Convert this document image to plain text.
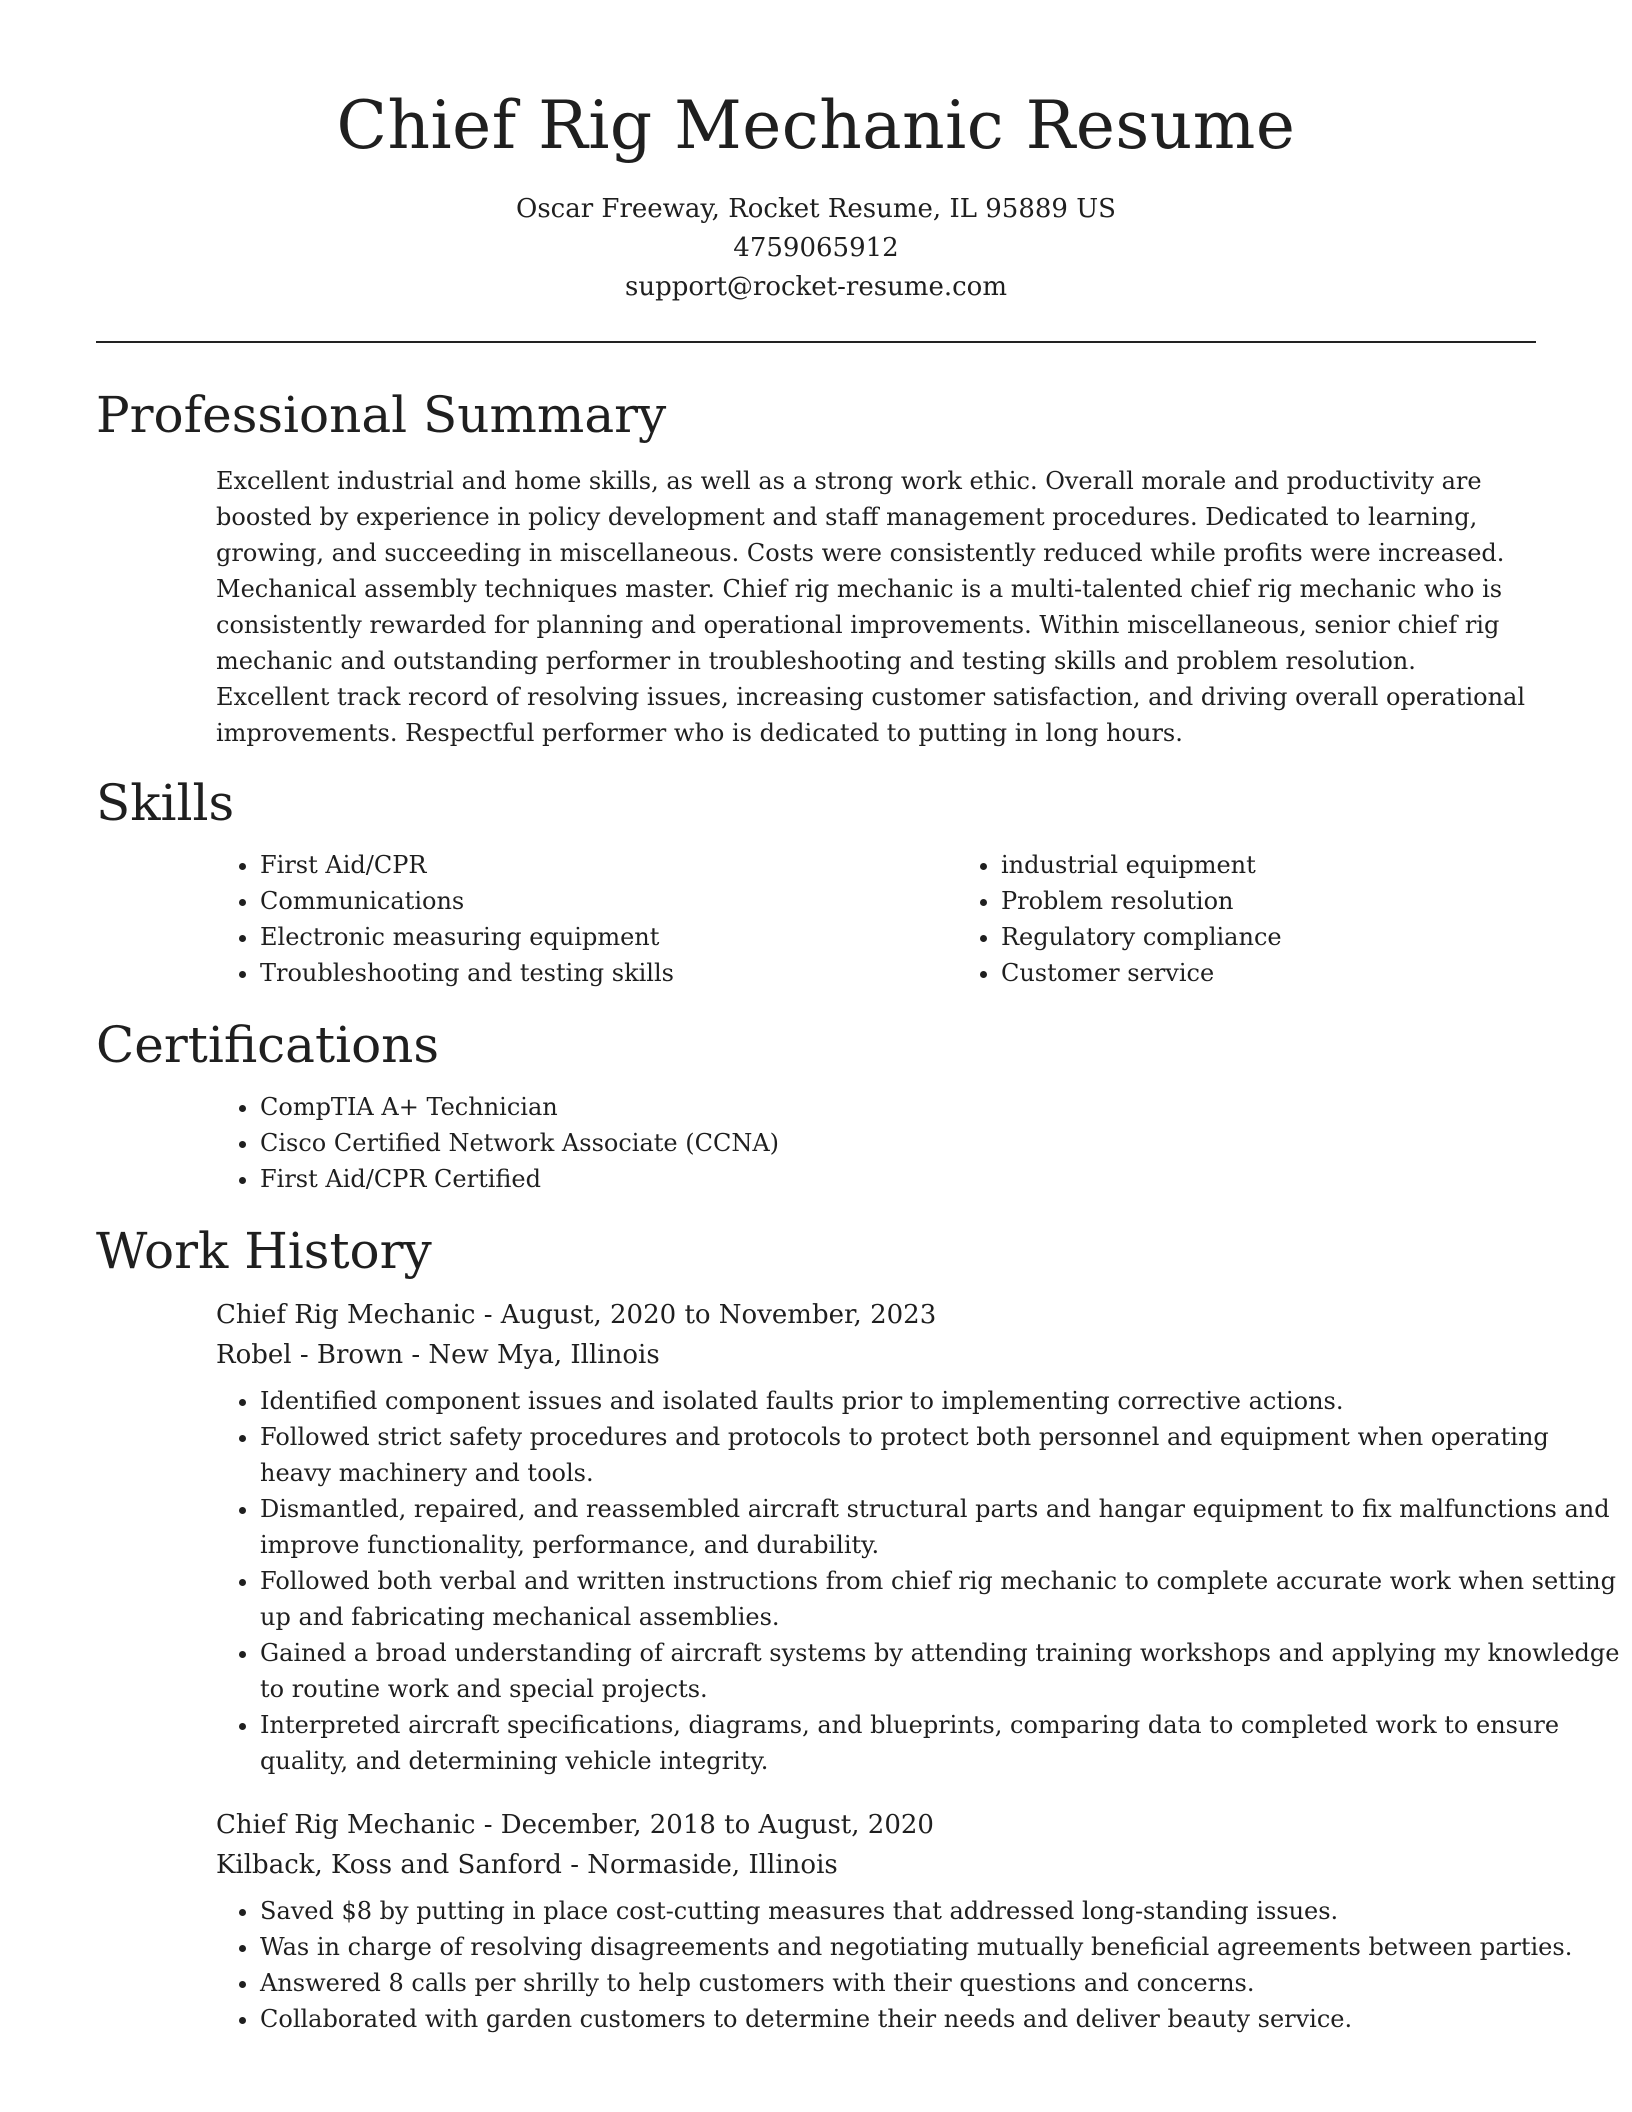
Chief Rig Mechanic Resume
Oscar Freeway, Rocket Resume, IL 95889 US
4759065912
support@rocket-resume.com
Professional Summary
Excellent industrial and home skills, as well as a strong work ethic. Overall morale and productivity are boosted by experience in policy development and staff management procedures. Dedicated to learning, growing, and succeeding in miscellaneous. Costs were consistently reduced while profits were increased. Mechanical assembly techniques master. Chief rig mechanic is a multi-talented chief rig mechanic who is consistently rewarded for planning and operational improvements. Within miscellaneous, senior chief rig mechanic and outstanding performer in troubleshooting and testing skills and problem resolution. Excellent track record of resolving issues, increasing customer satisfaction, and driving overall operational improvements. Respectful performer who is dedicated to putting in long hours.
Skills
• First Aid/CPR
• Communications
• Electronic measuring equipment
• Troubleshooting and testing skills
• industrial equipment
• Problem resolution
• Regulatory compliance
• Customer service
Certifications
• CompTIA A+ Technician
• Cisco Certified Network Associate (CCNA)
• First Aid/CPR Certified
Work History
Chief Rig Mechanic - August, 2020 to November, 2023
Robel - Brown - New Mya, Illinois
• Identified component issues and isolated faults prior to implementing corrective actions.
• Followed strict safety procedures and protocols to protect both personnel and equipment when operating heavy machinery and tools.
• Dismantled, repaired, and reassembled aircraft structural parts and hangar equipment to fix malfunctions and improve functionality, performance, and durability.
• Followed both verbal and written instructions from chief rig mechanic to complete accurate work when setting up and fabricating mechanical assemblies.
• Gained a broad understanding of aircraft systems by attending training workshops and applying my knowledge to routine work and special projects.
• Interpreted aircraft specifications, diagrams, and blueprints, comparing data to completed work to ensure quality, and determining vehicle integrity.
Chief Rig Mechanic - December, 2018 to August, 2020
Kilback, Koss and Sanford - Normaside, Illinois
• Saved $8 by putting in place cost-cutting measures that addressed long-standing issues.
• Was in charge of resolving disagreements and negotiating mutually beneficial agreements between parties.
• Answered 8 calls per shrilly to help customers with their questions and concerns.
• Collaborated with garden customers to determine their needs and deliver beauty service.
